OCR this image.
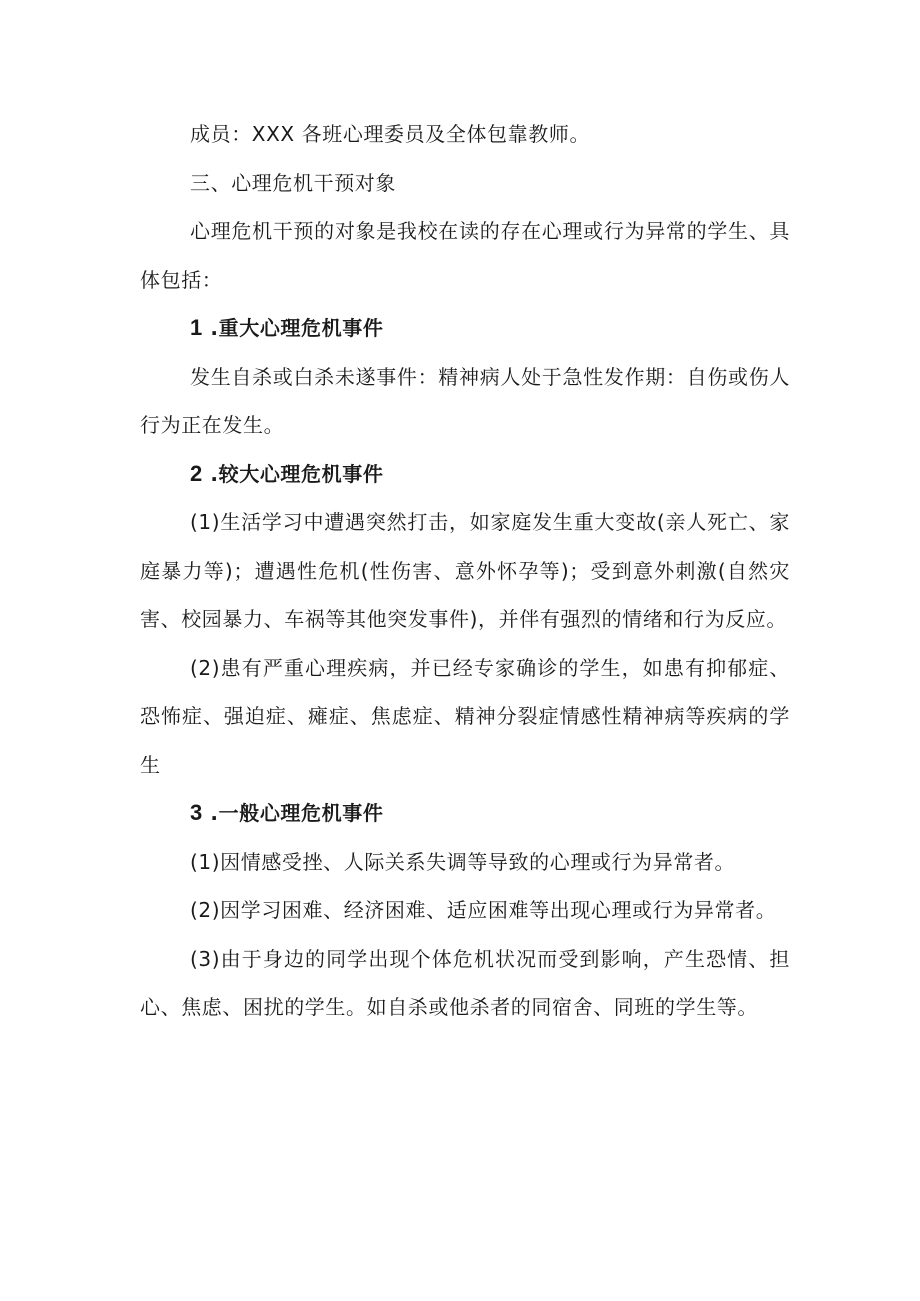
成员：XXX 各班心理委员及全体包靠教师。

三、心理危机干预对象

心理危机干预的对象是我校在读的存在心理或行为异常的学生、具体包括：

1 .重大心理危机事件

发生自杀或白杀未遂事件：精神病人处于急性发作期：自伤或伤人行为正在发生。

2 .较大心理危机事件

(1)生活学习中遭遇突然打击，如家庭发生重大变故(亲人死亡、家庭暴力等)；遭遇性危机(性伤害、意外怀孕等)；受到意外刺激(自然灾害、校园暴力、车祸等其他突发事件)，并伴有强烈的情绪和行为反应。

(2)患有严重心理疾病，并已经专家确诊的学生，如患有抑郁症、恐怖症、强迫症、瘫症、焦虑症、精神分裂症情感性精神病等疾病的学生

3 .一般心理危机事件

(1)因情感受挫、人际关系失调等导致的心理或行为异常者。

(2)因学习困难、经济困难、适应困难等出现心理或行为异常者。

(3)由于身边的同学出现个体危机状况而受到影响，产生恐情、担心、焦虑、困扰的学生。如自杀或他杀者的同宿舍、同班的学生等。
